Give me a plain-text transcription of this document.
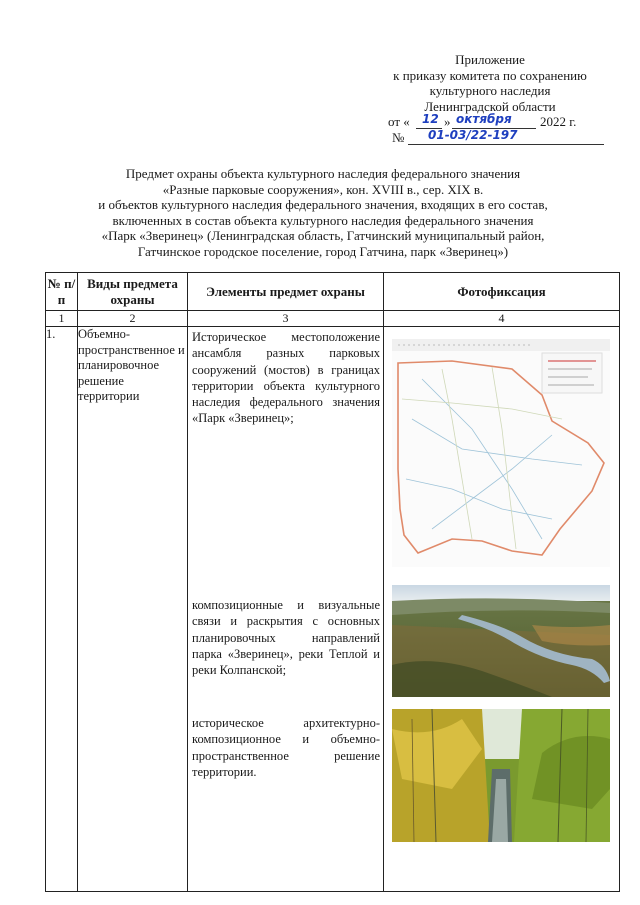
Приложение
к приказу комитета по сохранению
культурного наследия
Ленинградской области
от « 12 » октября 2022 г.
№ 01-03/22-197
Предмет охраны объекта культурного наследия федерального значения
«Разные парковые сооружения», кон. XVIII в., сер. XIX в.
и объектов культурного наследия федерального значения, входящих в его состав,
включенных в состав объекта культурного наследия федерального значения
«Парк «Зверинец» (Ленинградская область, Гатчинский муниципальный район,
Гатчинское городское поселение, город Гатчина, парк «Зверинец»)
№ п/п	Виды предмета охраны	Элементы предмет охраны	Фотофиксация
1	2	3	4
1.	Объемно-пространственное и планировочное решение территории	Историческое местоположение ансамбля разных парковых сооружений (мостов) в границах территории объекта культурного наследия федерального значения «Парк «Зверинец»;
композиционные и визуальные связи и раскрытия с основных планировочных направлений парка «Зверинец», реки Теплой и реки Колпанской;
историческое архитектурно-композиционное и объемно-пространственное решение территории.
